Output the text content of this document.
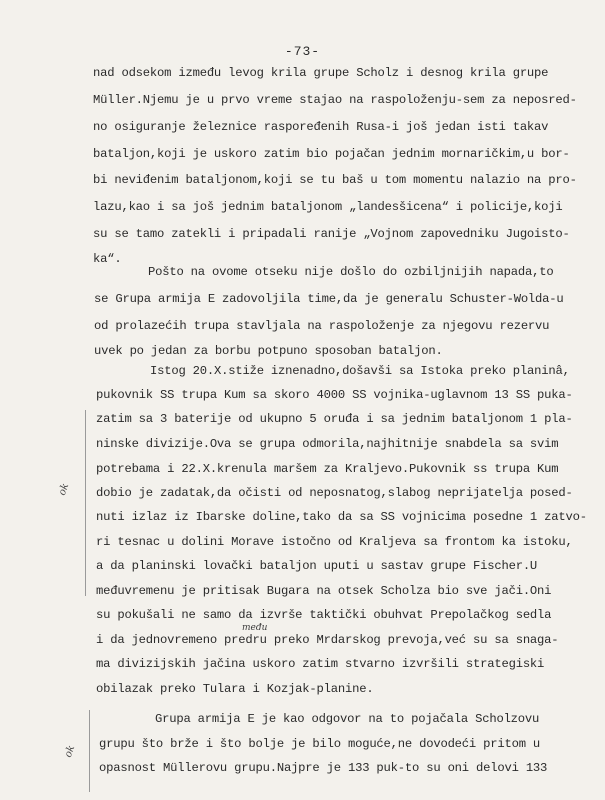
-73-
nad odsekom između levog krila grupe Scholz i desnog krila grupe
Müller.Njemu je u prvo vreme stajao na raspoloženju-sem za neposred-
no osiguranje železnice raspoređenih Rusa-i još jedan isti takav
bataljon,koji je uskoro zatim bio pojačan jednim mornaričkim,u bor-
bi neviđenim bataljonom,koji se tu baš u tom momentu nalazio na pro-
lazu,kao i sa još jednim bataljonom „landesšicena“ i policije,koji
su se tamo zatekli i pripadali ranije „Vojnom zapovedniku Jugoistо-
ka“.
Pošto na ovome otseku nije došlo do ozbiljnijih napada,to
se Grupa armija E zadovoljila time,da je generalu Schuster-Wolda-u
od prolazećih trupa stavljala na raspoloženje za njegovu rezervu
uvek po jedan za borbu potpuno sposoban bataljon.
Istog 20.X.stiže iznenadno,došavši sa Istoka preko planinâ,
pukovnik SS trupa Kum sa skoro 4000 SS vojnika-uglavnom 13 SS puka-
zatim sa 3 baterije od ukupno 5 oruđa i sa jednim bataljonom 1 pla-
ninske divizije.Ova se grupa odmorila,najhitnije snabdela sa svim
potrebama i 22.X.krenula maršem za Kraljevo.Pukovnik ss trupa Kum
dobio je zadatak,da očisti od neposnatog,slabog neprijatelja posed-
nuti izlaz iz Ibarske doline,tako da sa SS vojnicima posedne 1 zatvo-
ri tesnac u dolini Morave istočno od Kraljeva sa frontom ka istoku,
a da planinski lovački bataljon uputi u sastav grupe Fischer.U
međuvremenu je pritisak Bugara na otsek Scholza bio sve jači.Oni
su pokušali ne samo da izvrše taktički obuhvat Prepolačkog sedla
i da jednovremeno predru preko Mrdarskog prevoja,već su sa snaga-
ma divizijskih jačina uskoro zatim stvarno izvršili strategiski
obilazak preko Tulara i Kozjak-planine.
Grupa armija E je kao odgovor na to pojačala Scholzovu
grupu što brže i što bolje je bilo moguće,ne dovodeći pritom u
opasnost Müllerovu grupu.Najpre je 133 puk-to su oni delovi 133
među
ok
ok
